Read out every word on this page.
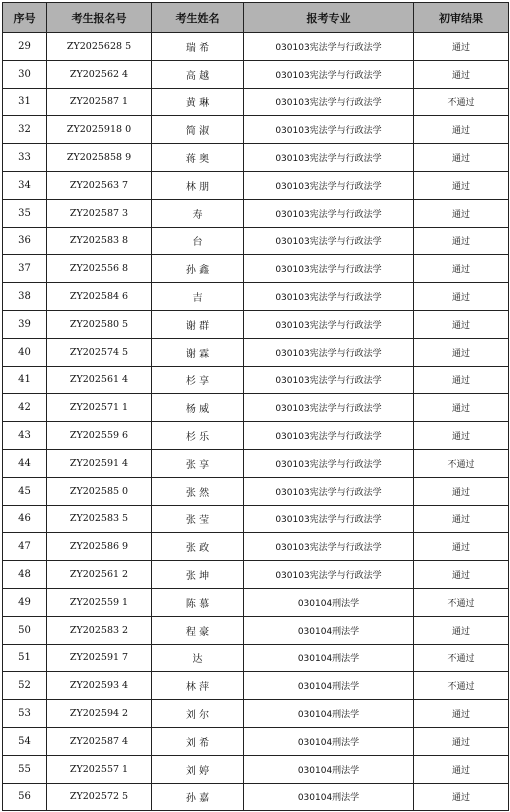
序号	考生报名号	考生姓名	报考专业	初审结果
29	ZY2025628 5	瑞 希	030103宪法学与行政法学	通过
30	ZY202562 4	高 越	030103宪法学与行政法学	通过
31	ZY202587 1	黄 琳	030103宪法学与行政法学	不通过
32	ZY2025918 0	简 淑	030103宪法学与行政法学	通过
33	ZY2025858 9	蒋 奥	030103宪法学与行政法学	通过
34	ZY202563 7	林 朋	030103宪法学与行政法学	通过
35	ZY202587 3	寿	030103宪法学与行政法学	通过
36	ZY202583 8	台	030103宪法学与行政法学	通过
37	ZY202556 8	孙 鑫	030103宪法学与行政法学	通过
38	ZY202584 6	吉	030103宪法学与行政法学	通过
39	ZY202580 5	谢 群	030103宪法学与行政法学	通过
40	ZY202574 5	谢 霖	030103宪法学与行政法学	通过
41	ZY202561 4	杉 享	030103宪法学与行政法学	通过
42	ZY202571 1	杨 威	030103宪法学与行政法学	通过
43	ZY202559 6	杉 乐	030103宪法学与行政法学	通过
44	ZY202591 4	张 享	030103宪法学与行政法学	不通过
45	ZY202585 0	张 然	030103宪法学与行政法学	通过
46	ZY202583 5	张 莹	030103宪法学与行政法学	通过
47	ZY202586 9	张 政	030103宪法学与行政法学	通过
48	ZY202561 2	张 坤	030103宪法学与行政法学	通过
49	ZY202559 1	陈 慕	030104刑法学	不通过
50	ZY202583 2	程 豪	030104刑法学	通过
51	ZY202591 7	达	030104刑法学	不通过
52	ZY202593 4	林 萍	030104刑法学	不通过
53	ZY202594 2	刘 尔	030104刑法学	通过
54	ZY202587 4	刘 希	030104刑法学	通过
55	ZY202557 1	刘 婷	030104刑法学	通过
56	ZY202572 5	孙 嘉	030104刑法学	通过
